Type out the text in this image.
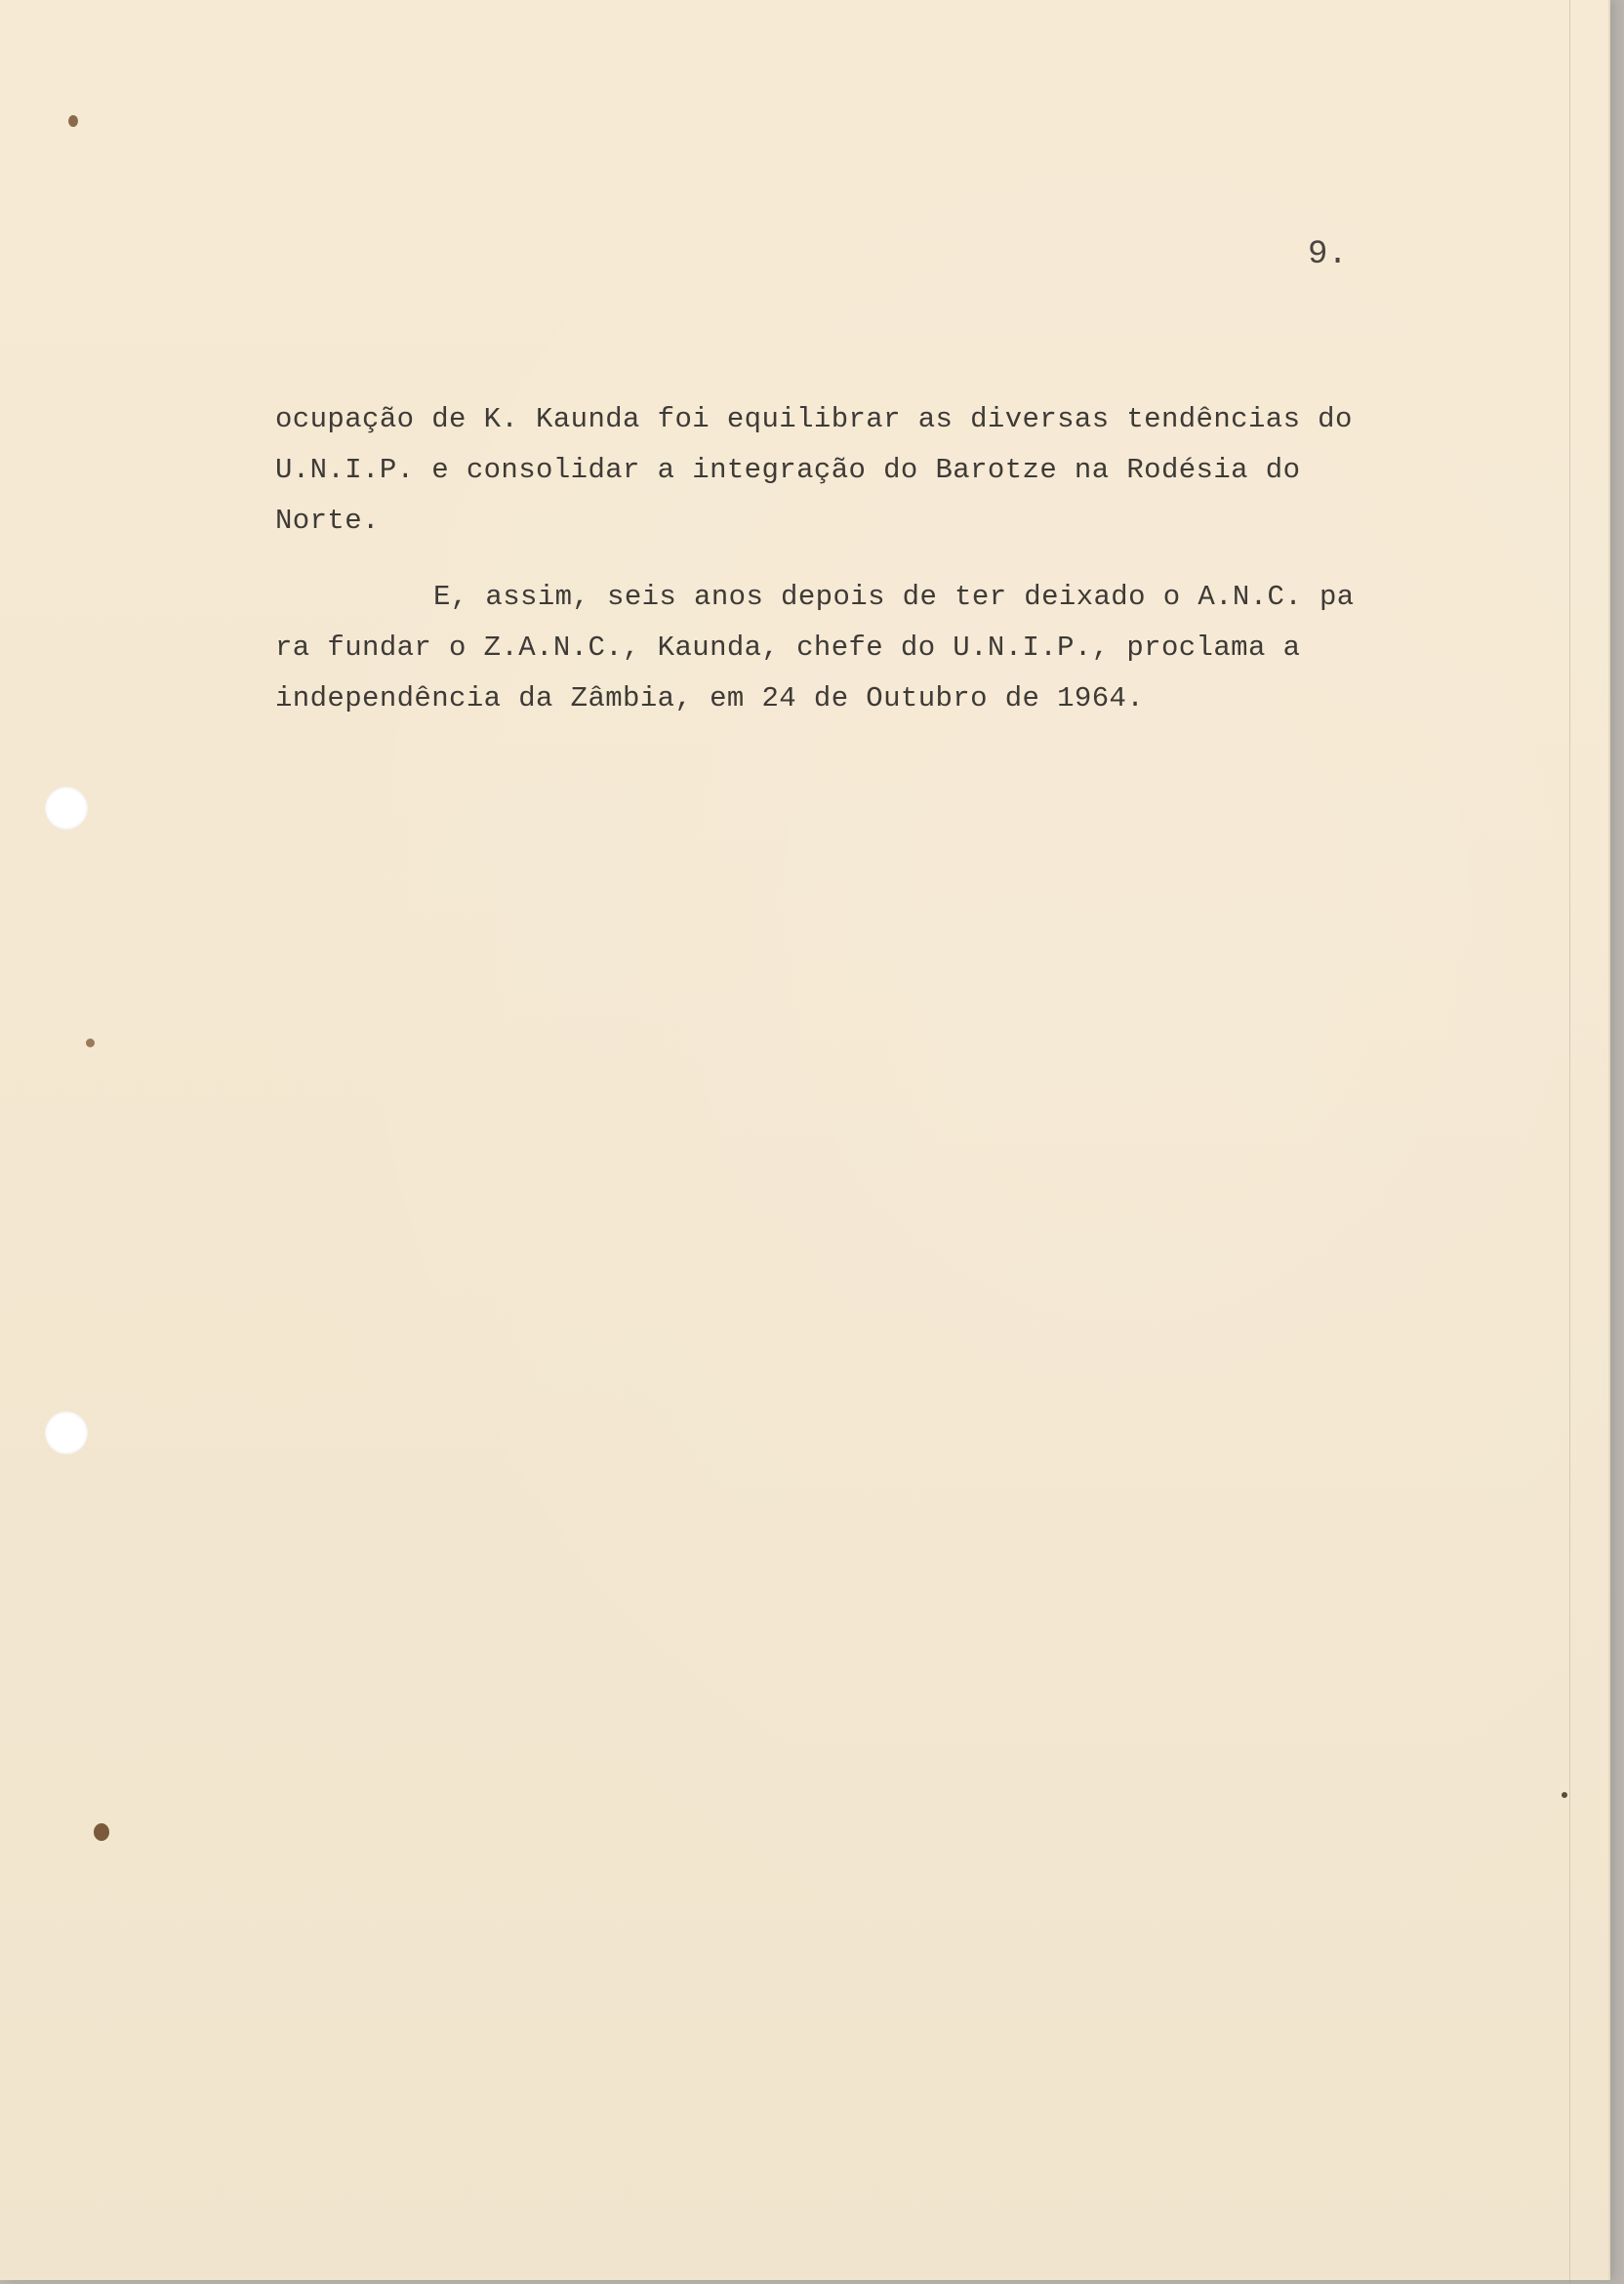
9.
ocupação de K. Kaunda foi equilibrar as diversas tendências do
U.N.I.P. e consolidar a integração do Barotze na Rodésia do
Norte.
E, assim, seis anos depois de ter deixado o A.N.C. pa
ra fundar o Z.A.N.C., Kaunda, chefe do U.N.I.P., proclama a
independência da Zâmbia, em 24 de Outubro de 1964.
